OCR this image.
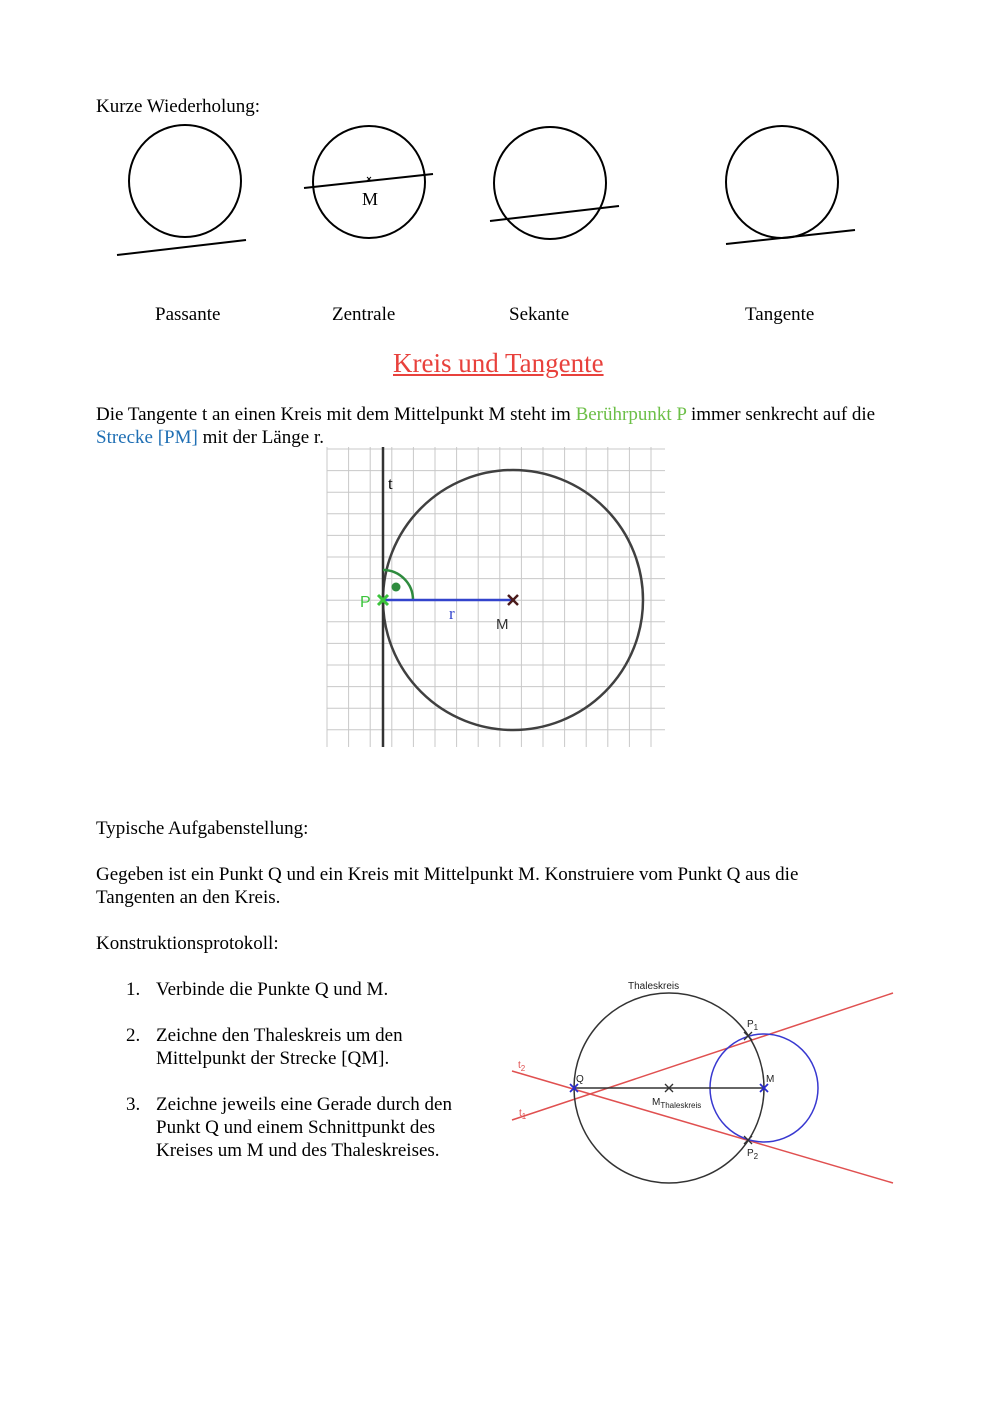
Kurze Wiederholung:
M
Passante	Zentrale	Sekante	Tangente
Kreis und Tangente
Die Tangente t an einen Kreis mit dem Mittelpunkt M steht im Berührpunkt P immer senkrecht auf die Strecke [PM] mit der Länge r.
t
P
r
M
Typische Aufgabenstellung:
Gegeben ist ein Punkt Q und ein Kreis mit Mittelpunkt M. Konstruiere vom Punkt Q aus die Tangenten an den Kreis.
Konstruktionsprotokoll:
1. Verbinde die Punkte Q und M.
2. Zeichne den Thaleskreis um den Mittelpunkt der Strecke [QM].
3. Zeichne jeweils eine Gerade durch den Punkt Q und einem Schnittpunkt des Kreises um M und des Thaleskreises.
Thaleskreis
Q	M
$M_{Thaleskreis}$
$P_1$
$P_2$
$t_2$
$t_1$
